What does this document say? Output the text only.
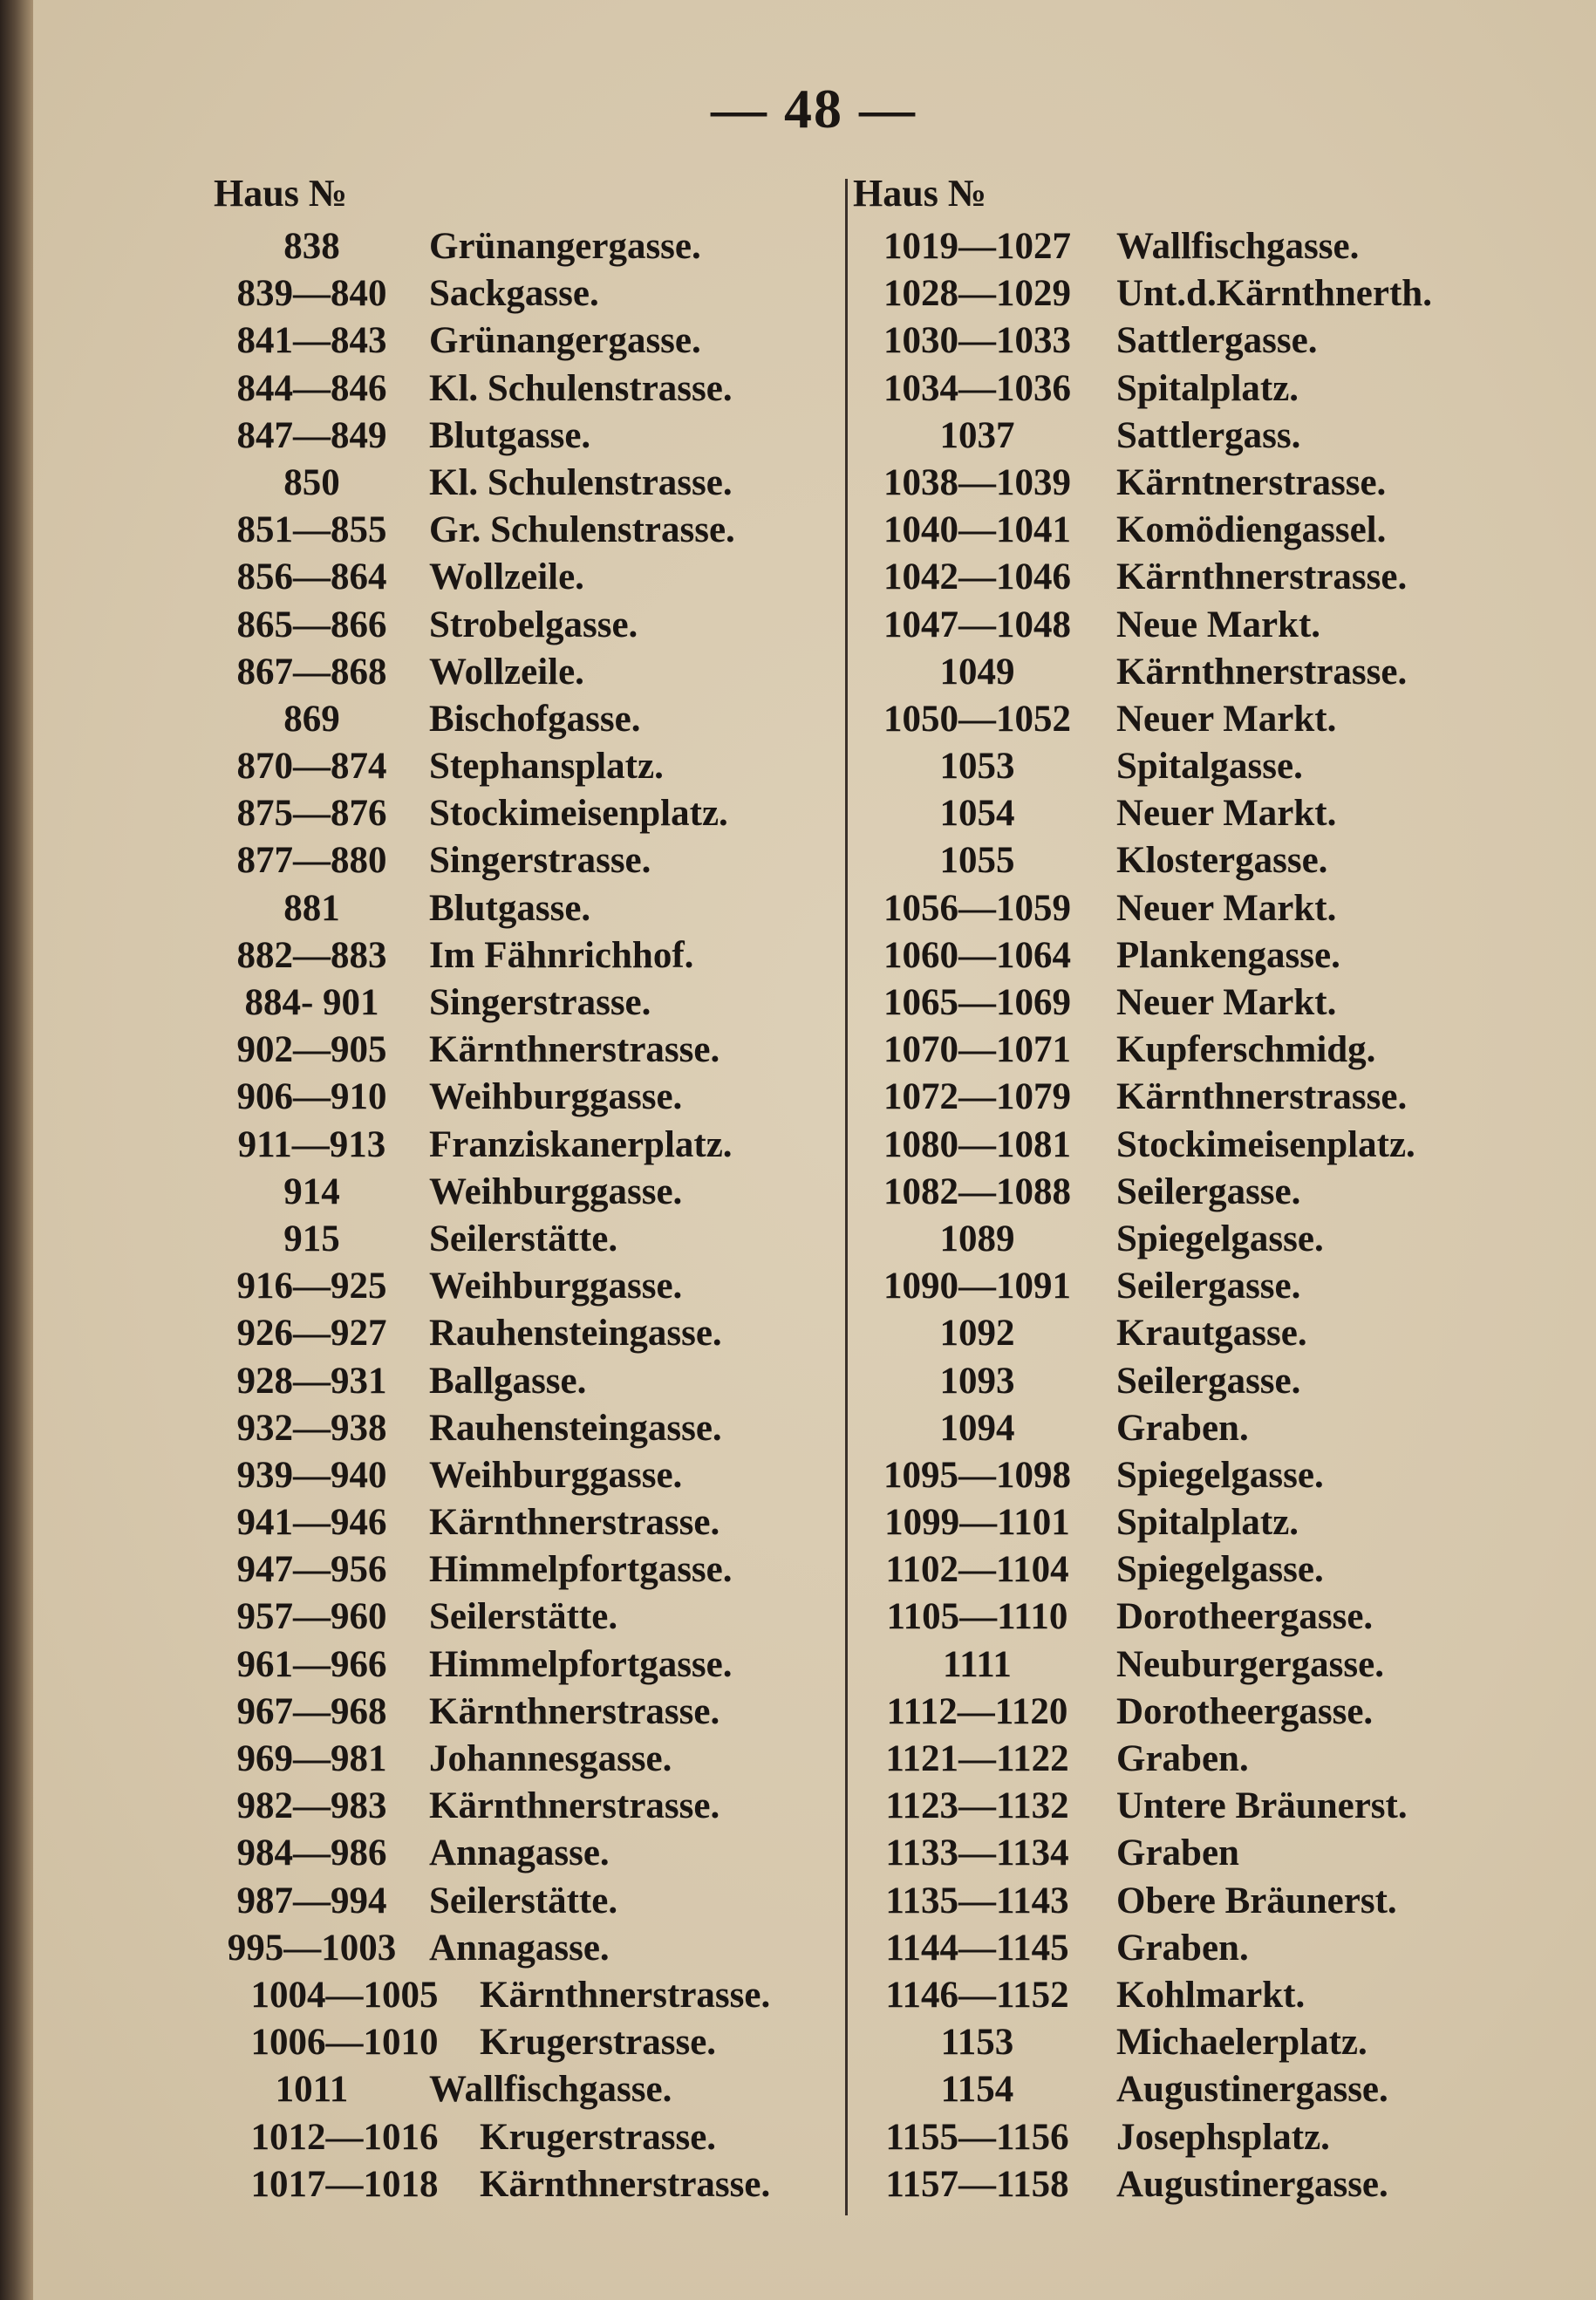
— 48 —
Haus №	Haus №
838	Grünangergasse.
839—840	Sackgasse.
841—843	Grünangergasse.
844—846	Kl. Schulenstrasse.
847—849	Blutgasse.
850	Kl. Schulenstrasse.
851—855	Gr. Schulenstrasse.
856—864	Wollzeile.
865—866	Strobelgasse.
867—868	Wollzeile.
869	Bischofgasse.
870—874	Stephansplatz.
875—876	Stockimeisenplatz.
877—880	Singerstrasse.
881	Blutgasse.
882—883	Im Fähnrichhof.
884- 901	Singerstrasse.
902—905	Kärnthnerstrasse.
906—910	Weihburggasse.
911—913	Franziskanerplatz.
914	Weihburggasse.
915	Seilerstätte.
916—925	Weihburggasse.
926—927	Rauhensteingasse.
928—931	Ballgasse.
932—938	Rauhensteingasse.
939—940	Weihburggasse.
941—946	Kärnthnerstrasse.
947—956	Himmelpfortgasse.
957—960	Seilerstätte.
961—966	Himmelpfortgasse.
967—968	Kärnthnerstrasse.
969—981	Johannesgasse.
982—983	Kärnthnerstrasse.
984—986	Annagasse.
987—994	Seilerstätte.
995—1003 Annagasse.
1004—1005	Kärnthnerstrasse.
1006—1010	Krugerstrasse.
1011	Wallfischgasse.
1012—1016	Krugerstrasse.
1017—1018	Kärnthnerstrasse.
1019—1027	Wallfischgasse.
1028—1029	Unt.d.Kärnthnerth.
1030—1033	Sattlergasse.
1034—1036	Spitalplatz.
1037	Sattlergass.
1038—1039	Kärntnerstrasse.
1040—1041	Komödiengassel.
1042—1046	Kärnthnerstrasse.
1047—1048	Neue Markt.
1049	Kärnthnerstrasse.
1050—1052	Neuer Markt.
1053	Spitalgasse.
1054	Neuer Markt.
1055	Klostergasse.
1056—1059	Neuer Markt.
1060—1064	Plankengasse.
1065—1069	Neuer Markt.
1070—1071	Kupferschmidg.
1072—1079	Kärnthnerstrasse.
1080—1081	Stockimeisenplatz.
1082—1088	Seilergasse.
1089	Spiegelgasse.
1090—1091	Seilergasse.
1092	Krautgasse.
1093	Seilergasse.
1094	Graben.
1095—1098	Spiegelgasse.
1099—1101	Spitalplatz.
1102—1104	Spiegelgasse.
1105—1110	Dorotheergasse.
1111	Neuburgergasse.
1112—1120	Dorotheergasse.
1121—1122	Graben.
1123—1132	Untere Bräunerst.
1133—1134	Graben
1135—1143	Obere Bräunerst.
1144—1145	Graben.
1146—1152	Kohlmarkt.
1153	Michaelerplatz.
1154	Augustinergasse.
1155—1156	Josephsplatz.
1157—1158	Augustinergasse.
